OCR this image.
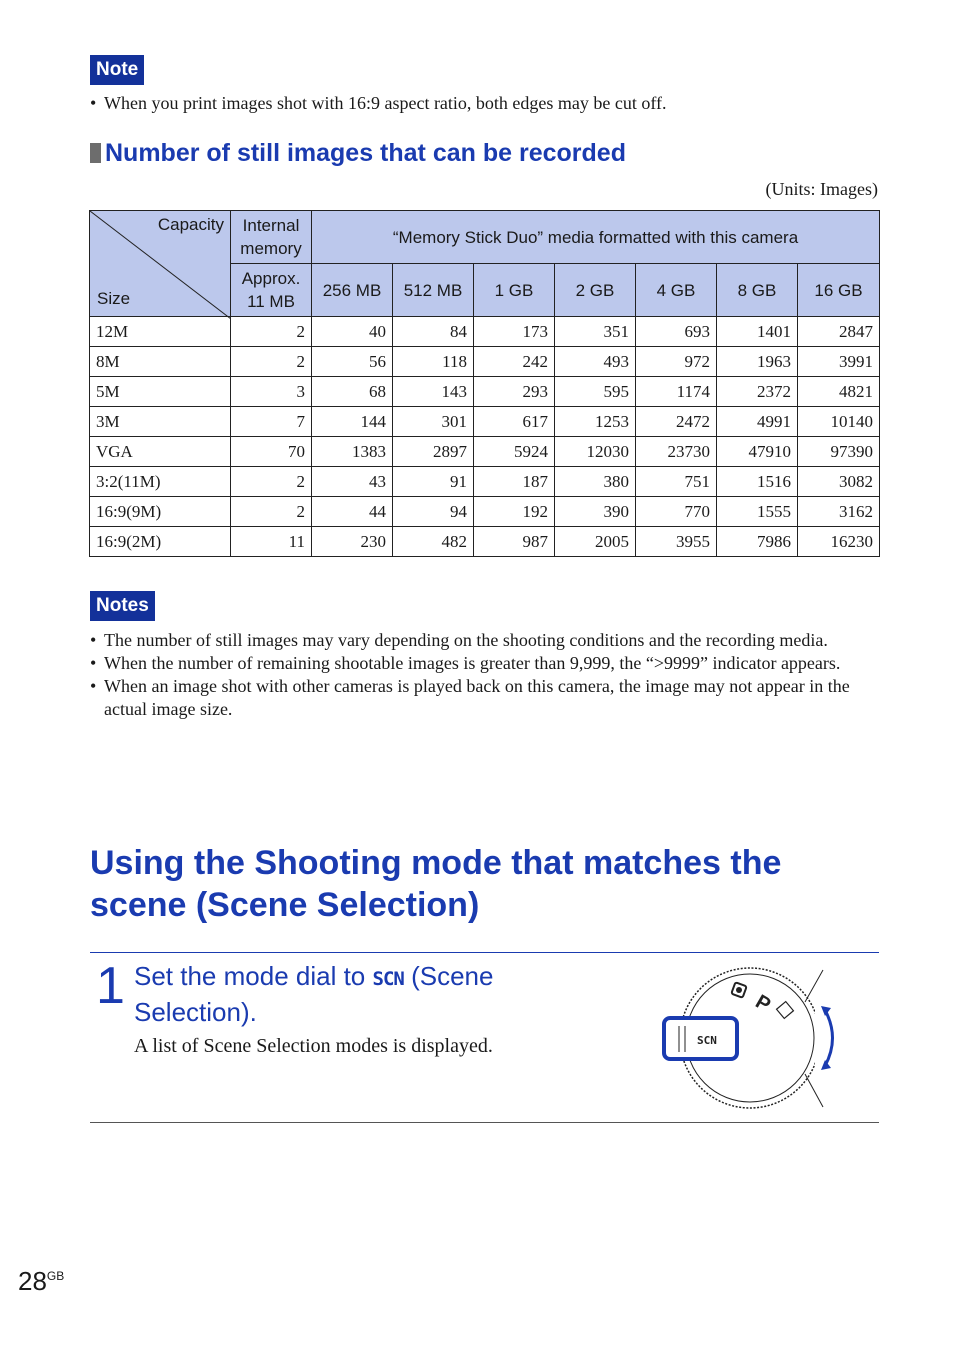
Note
• When you print images shot with 16:9 aspect ratio, both edges may be cut off.
Number of still images that can be recorded
(Units: Images)
Capacity
Size	Internal memory	“Memory Stick Duo” media formatted with this camera						
	Approx. 11 MB	256 MB	512 MB	1 GB	2 GB	4 GB	8 GB	16 GB
12M	2	40	84	173	351	693	1401	2847
8M	2	56	118	242	493	972	1963	3991
5M	3	68	143	293	595	1174	2372	4821
3M	7	144	301	617	1253	2472	4991	10140
VGA	70	1383	2897	5924	12030	23730	47910	97390
3:2(11M)	2	43	91	187	380	751	1516	3082
16:9(9M)	2	44	94	192	390	770	1555	3162
16:9(2M)	11	230	482	987	2005	3955	7986	16230
Notes
• The number of still images may vary depending on the shooting conditions and the recording media.
• When the number of remaining shootable images is greater than 9,999, the “>9999” indicator appears.
• When an image shot with other cameras is played back on this camera, the image may not appear in the actual image size.
Using the Shooting mode that matches the scene (Scene Selection)
1 Set the mode dial to SCN (Scene Selection).
A list of Scene Selection modes is displayed.
P
SCN
$28^{GB}$
